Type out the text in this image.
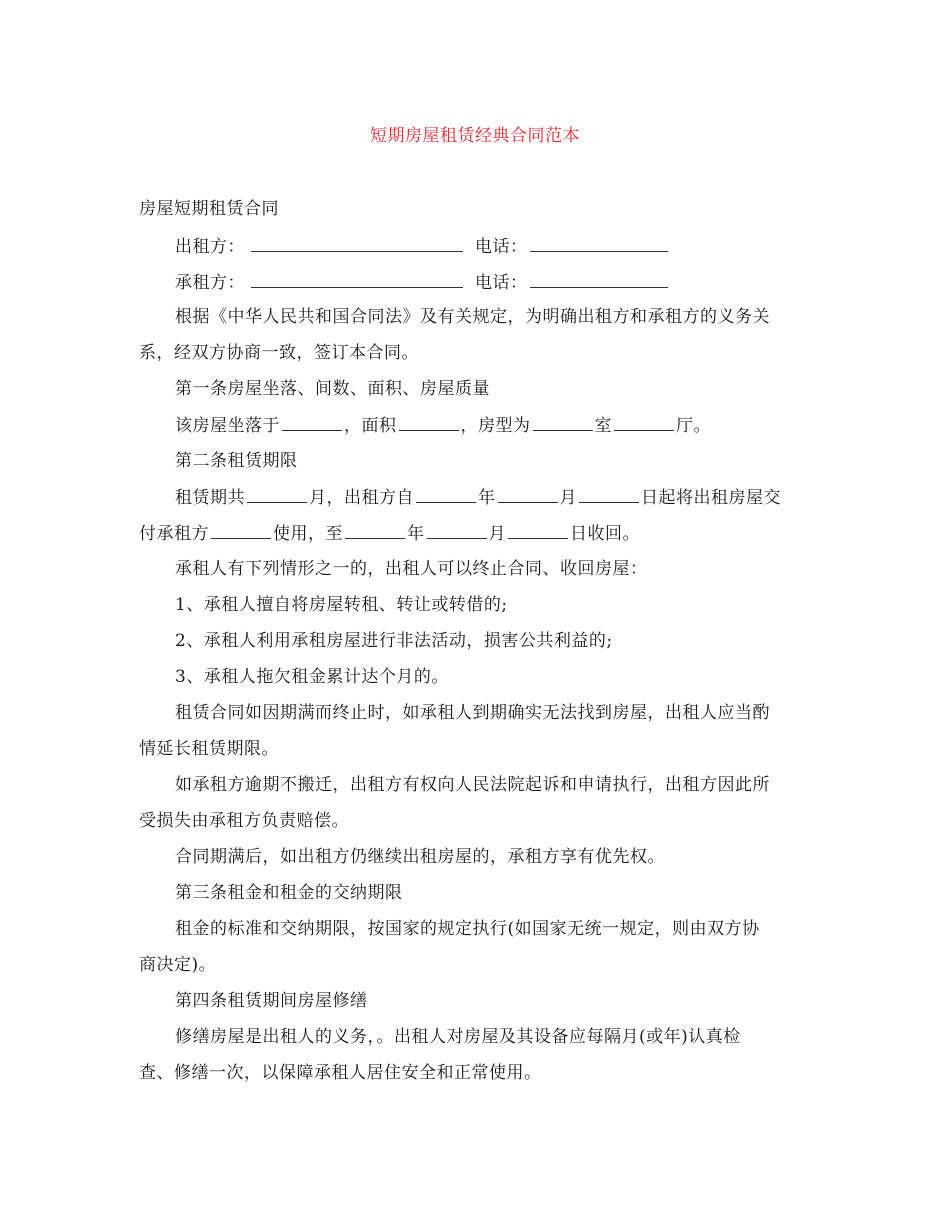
短期房屋租赁经典合同范本
房屋短期租赁合同
出租方：	电话：
承租方：	电话：
根据《中华人民共和国合同法》及有关规定，为明确出租方和承租方的义务关
系，经双方协商一致，签订本合同。
第一条房屋坐落、间数、面积、房屋质量
该房屋坐落于	，面积	，房型为	室	厅。
第二条租赁期限
租赁期共	月，出租方自	年	月	日起将出租房屋交
付承租方	使用，至	年	月	日收回。
承租人有下列情形之一的，出租人可以终止合同、收回房屋：
1、承租人擅自将房屋转租、转让或转借的;
2、承租人利用承租房屋进行非法活动，损害公共利益的;
3、承租人拖欠租金累计达个月的。
租赁合同如因期满而终止时，如承租人到期确实无法找到房屋，出租人应当酌
情延长租赁期限。
如承租方逾期不搬迁，出租方有权向人民法院起诉和申请执行，出租方因此所
受损失由承租方负责赔偿。
合同期满后，如出租方仍继续出租房屋的，承租方享有优先权。
第三条租金和租金的交纳期限
租金的标准和交纳期限，按国家的规定执行(如国家无统一规定，则由双方协
商决定)。
第四条租赁期间房屋修缮
修缮房屋是出租人的义务，。出租人对房屋及其设备应每隔月(或年)认真检
查、修缮一次，以保障承租人居住安全和正常使用。
